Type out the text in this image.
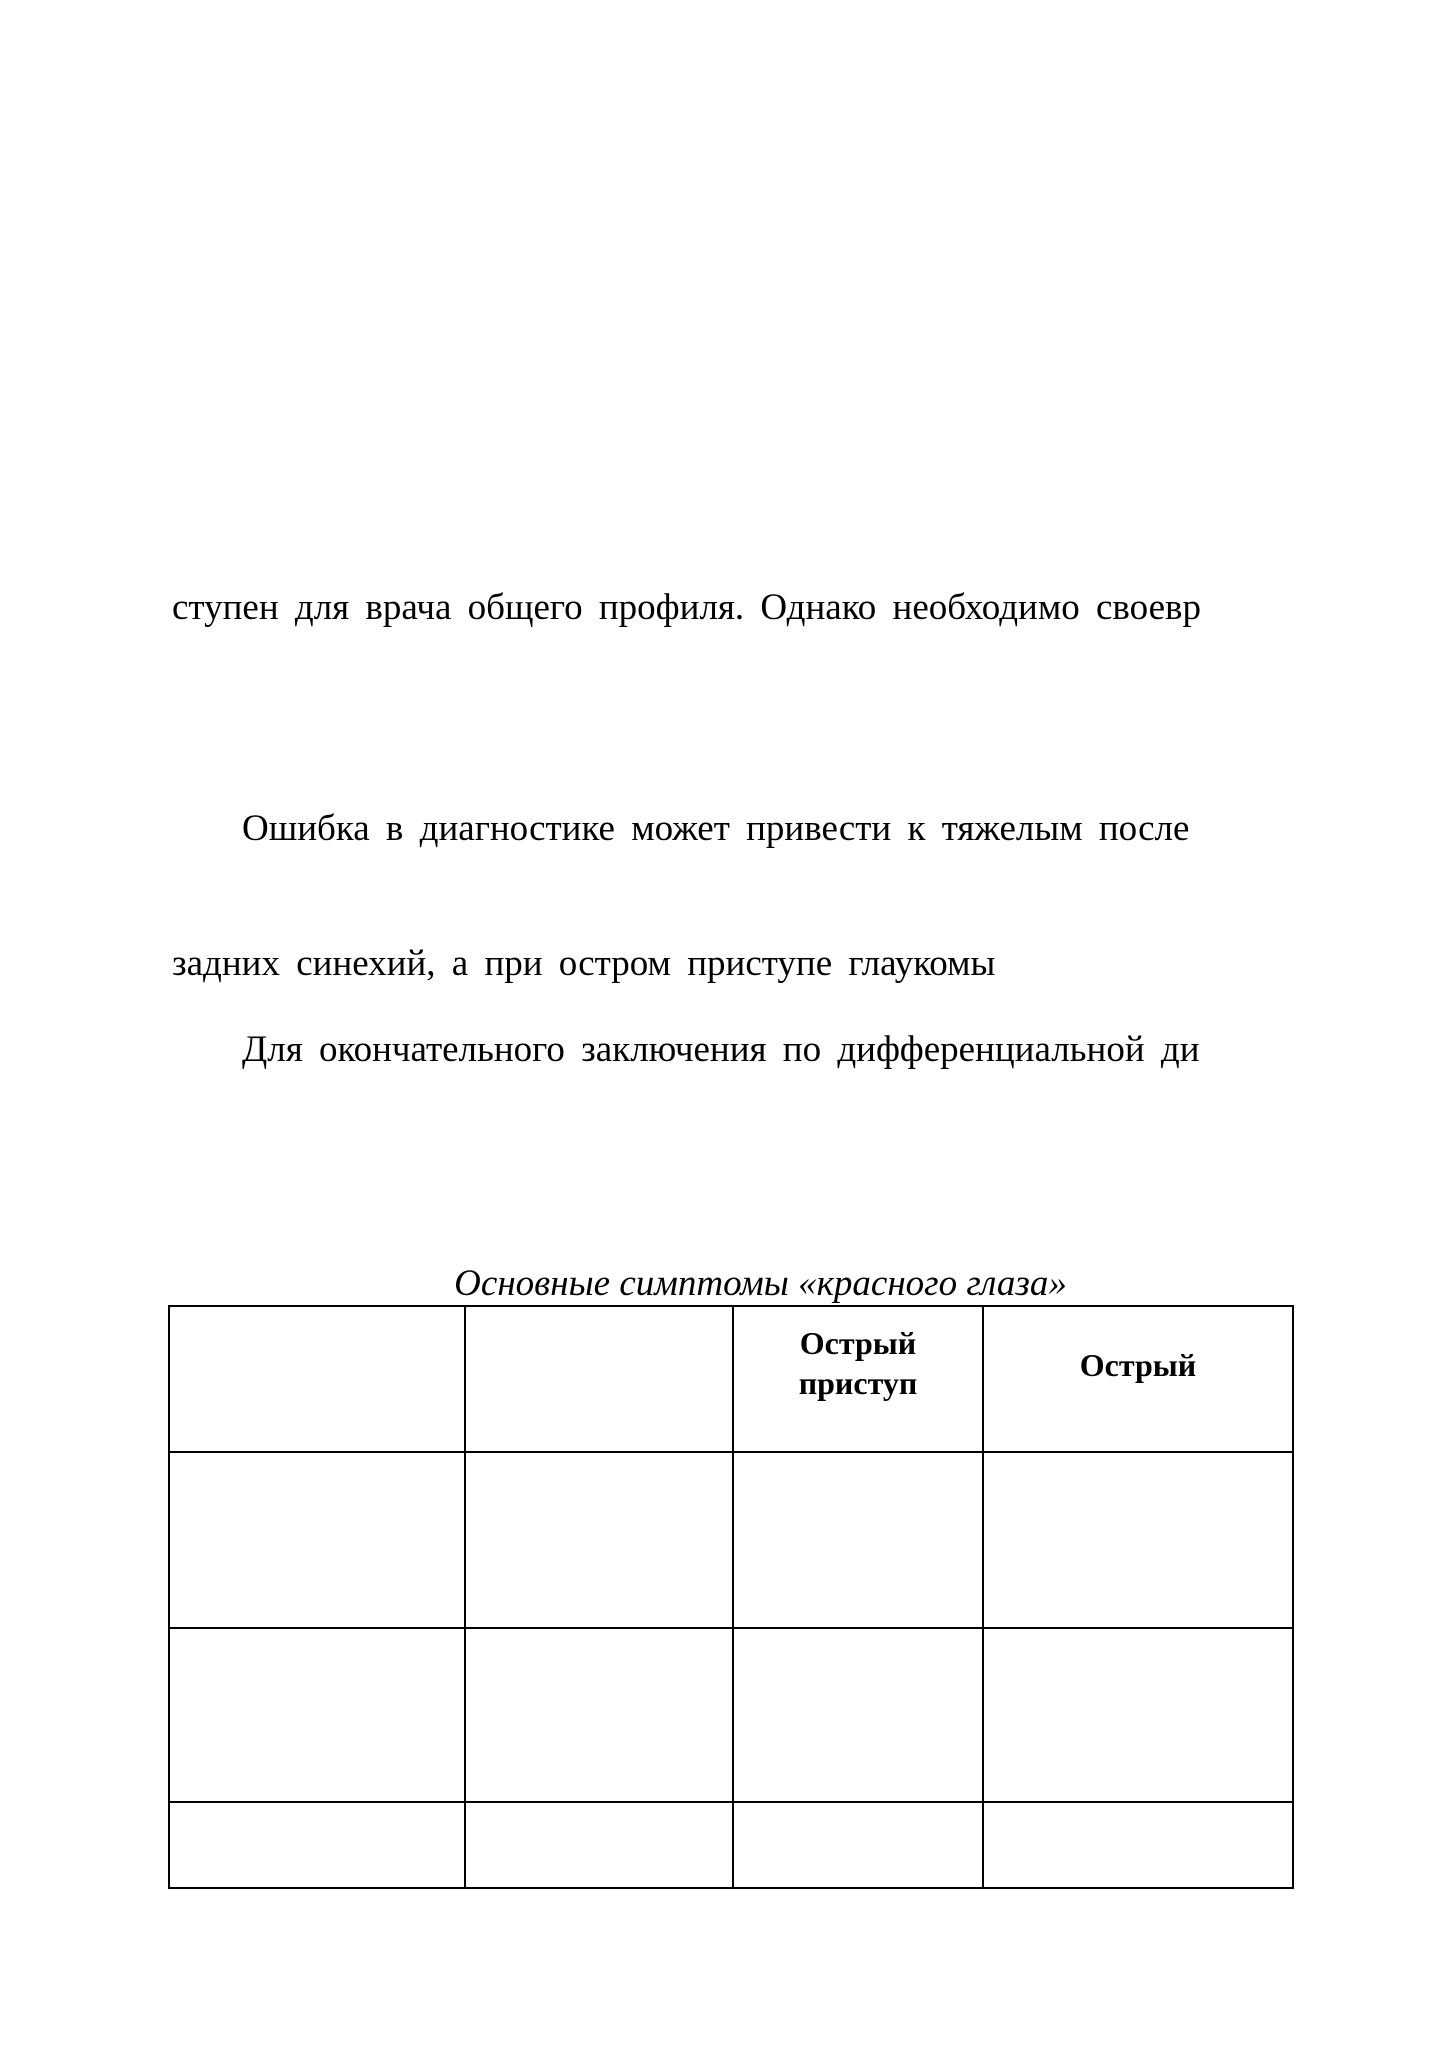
ступен для врача общего профиля. Однако необходимо своевр
Ошибка в диагностике может привести к тяжелым после
задних синехий, а при остром приступе глаукомы
Для окончательного заключения по дифференциальной ди
Основные симптомы «красного глаза»

		Острый приступ	Острый
